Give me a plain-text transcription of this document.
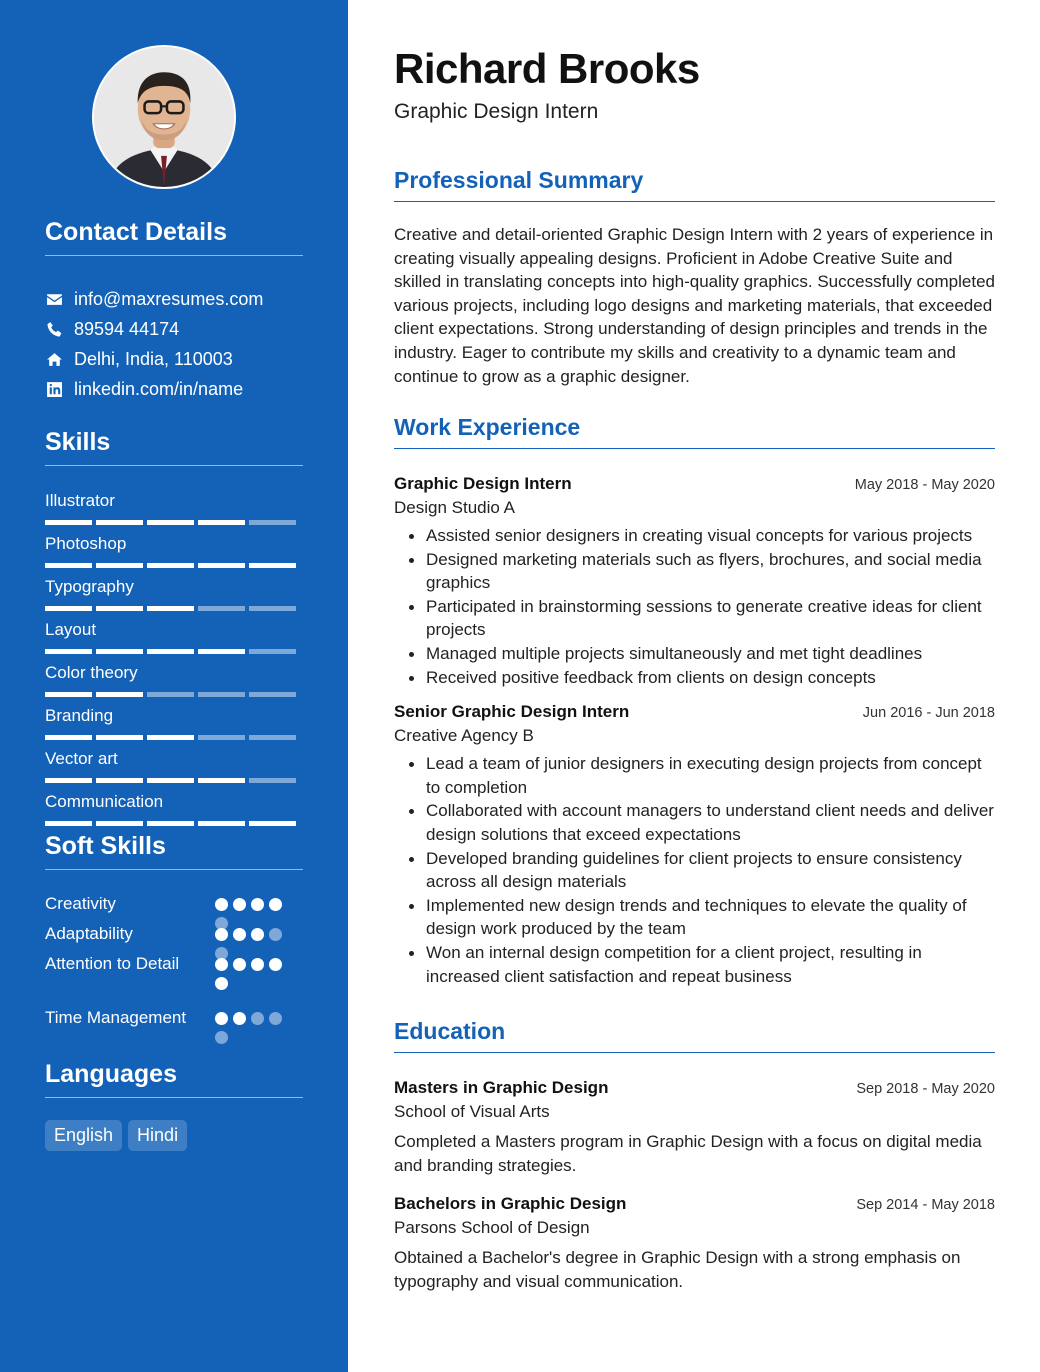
Contact Details
info@maxresumes.com
89594 44174
Delhi, India, 110003
linkedin.com/in/name
Skills
Illustrator
Photoshop
Typography
Layout
Color theory
Branding
Vector art
Communication
Soft Skills
Creativity
Adaptability
Attention to Detail
Time Management
Languages
English	Hindi
Richard Brooks
Graphic Design Intern
Professional Summary

Creative and detail-oriented Graphic Design Intern with 2 years of experience in creating visually appealing designs. Proficient in Adobe Creative Suite and skilled in translating concepts into high-quality graphics. Successfully completed various projects, including logo designs and marketing materials, that exceeded client expectations. Strong understanding of design principles and trends in the industry. Eager to contribute my skills and creativity to a dynamic team and continue to grow as a graphic designer.

Work Experience
Graphic Design Intern	May 2018 - May 2020
Design Studio A
Assisted senior designers in creating visual concepts for various projects
Designed marketing materials such as flyers, brochures, and social media graphics
Participated in brainstorming sessions to generate creative ideas for client projects
Managed multiple projects simultaneously and met tight deadlines
Received positive feedback from clients on design concepts
Senior Graphic Design Intern	Jun 2016 - Jun 2018
Creative Agency B
Lead a team of junior designers in executing design projects from concept to completion
Collaborated with account managers to understand client needs and deliver design solutions that exceed expectations
Developed branding guidelines for client projects to ensure consistency across all design materials
Implemented new design trends and techniques to elevate the quality of design work produced by the team
Won an internal design competition for a client project, resulting in increased client satisfaction and repeat business
Education
Masters in Graphic Design	Sep 2018 - May 2020
School of Visual Arts

Completed a Masters program in Graphic Design with a focus on digital media and branding strategies.

Bachelors in Graphic Design	Sep 2014 - May 2018
Parsons School of Design

Obtained a Bachelor's degree in Graphic Design with a strong emphasis on typography and visual communication.
